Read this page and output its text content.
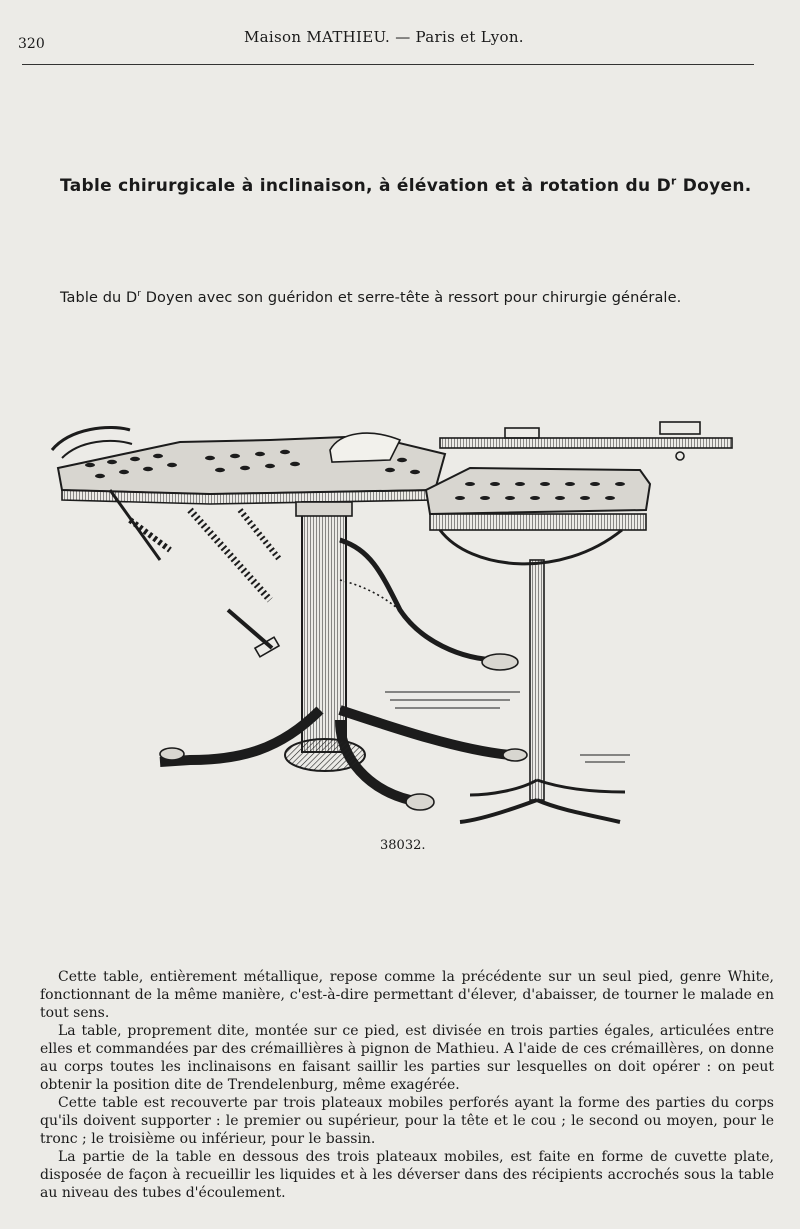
320	Maison MATHIEU. — Paris et Lyon.
Table chirurgicale à inclinaison, à élévation et à rotation du $D^r$ Doyen.
Table du $D^r$ Doyen avec son guéridon et serre-tête à ressort pour chirurgie générale.
38032.

Cette table, entièrement métallique, repose comme la précédente sur un seul pied, genre White, fonctionnant de la même manière, c'est-à-dire permettant d'élever, d'abaisser, de tourner le malade en tout sens.

La table, proprement dite, montée sur ce pied, est divisée en trois parties égales, articulées entre elles et commandées par des crémaillières à pignon de Mathieu. A l'aide de ces crémaillères, on donne au corps toutes les inclinaisons en faisant saillir les parties sur lesquelles on doit opérer : on peut obtenir la position dite de Trendelenburg, même exagérée.

Cette table est recouverte par trois plateaux mobiles perforés ayant la forme des parties du corps qu'ils doivent supporter : le premier ou supérieur, pour la tête et le cou ; le second ou moyen, pour le tronc ; le troisième ou inférieur, pour le bassin.

La partie de la table en dessous des trois plateaux mobiles, est faite en forme de cuvette plate, disposée de façon à recueillir les liquides et à les déverser dans des récipients accrochés sous la table au niveau des tubes d'écoulement.
